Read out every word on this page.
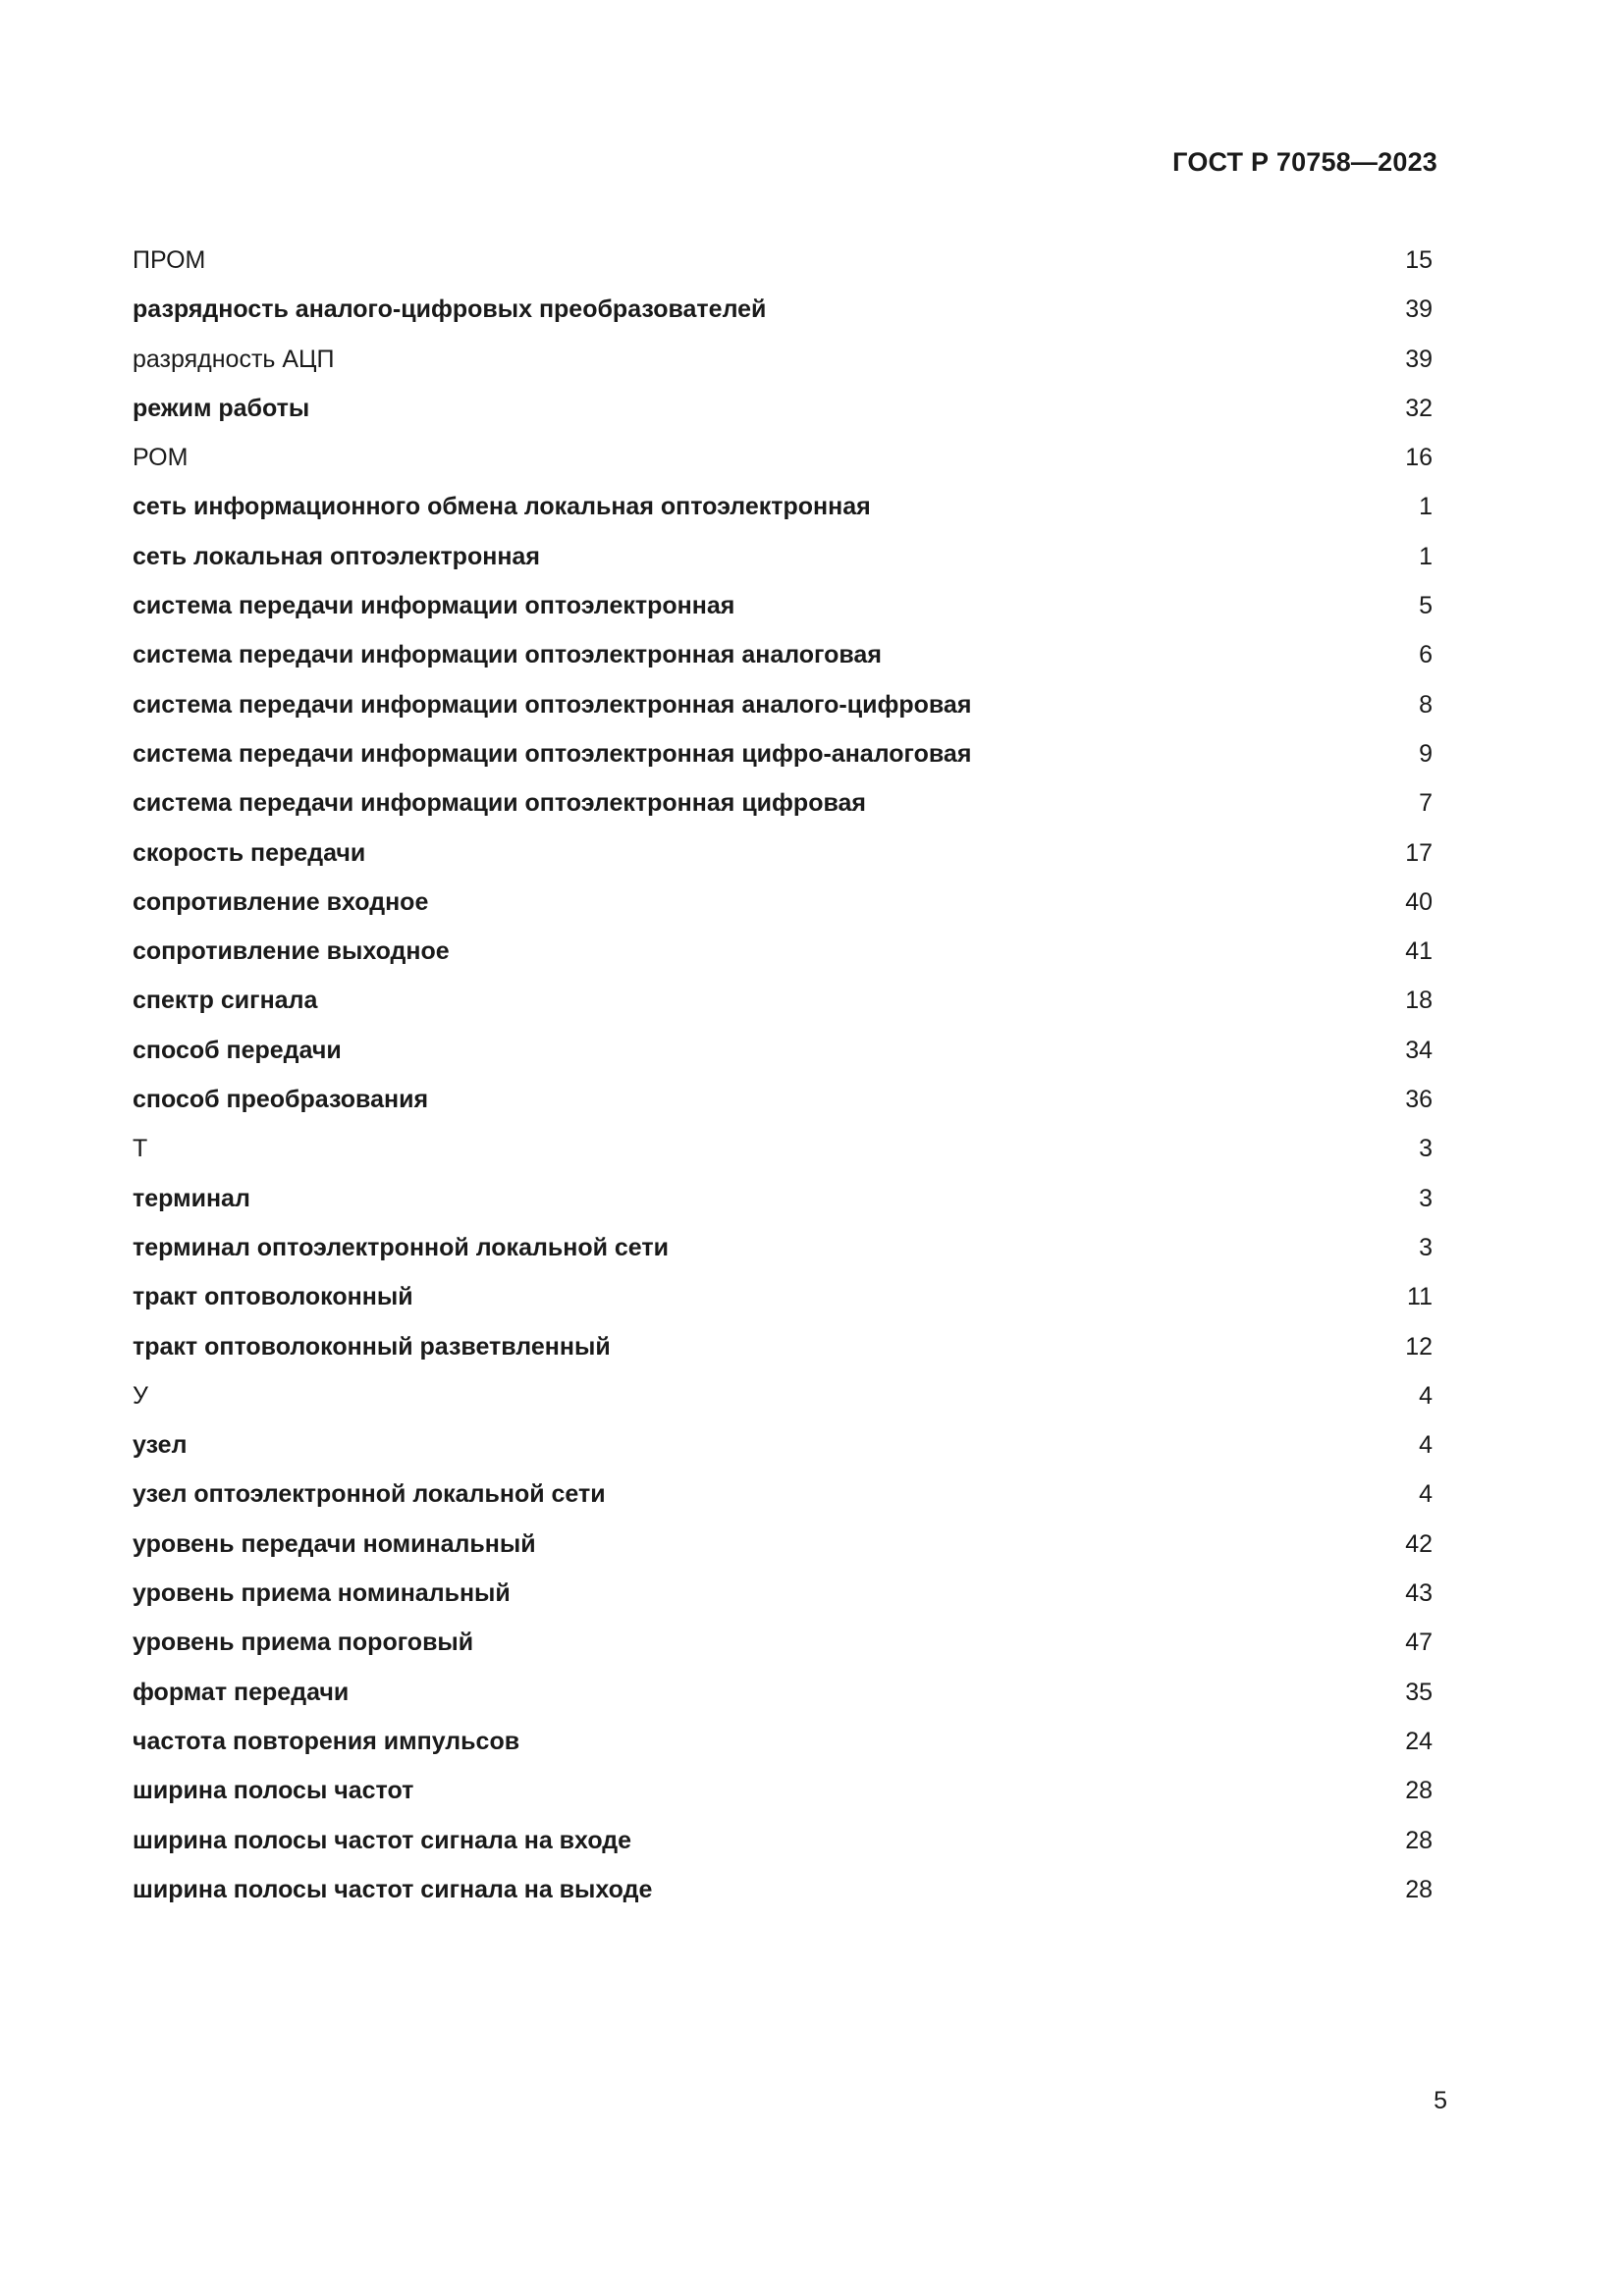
ГОСТ Р 70758—2023
ПРОМ	15
разрядность аналого-цифровых преобразователей	39
разрядность АЦП	39
режим работы	32
РОМ	16
сеть информационного обмена локальная оптоэлектронная	1
сеть локальная оптоэлектронная	1
система передачи информации оптоэлектронная	5
система передачи информации оптоэлектронная аналоговая	6
система передачи информации оптоэлектронная аналого-цифровая	8
система передачи информации оптоэлектронная цифро-аналоговая	9
система передачи информации оптоэлектронная цифровая	7
скорость передачи	17
сопротивление входное	40
сопротивление выходное	41
спектр сигнала	18
способ передачи	34
способ преобразования	36
Т	3
терминал	3
терминал оптоэлектронной локальной сети	3
тракт оптоволоконный	11
тракт оптоволоконный разветвленный	12
У	4
узел	4
узел оптоэлектронной локальной сети	4
уровень передачи номинальный	42
уровень приема номинальный	43
уровень приема пороговый	47
формат передачи	35
частота повторения импульсов	24
ширина полосы частот	28
ширина полосы частот сигнала на входе	28
ширина полосы частот сигнала на выходе	28
5
